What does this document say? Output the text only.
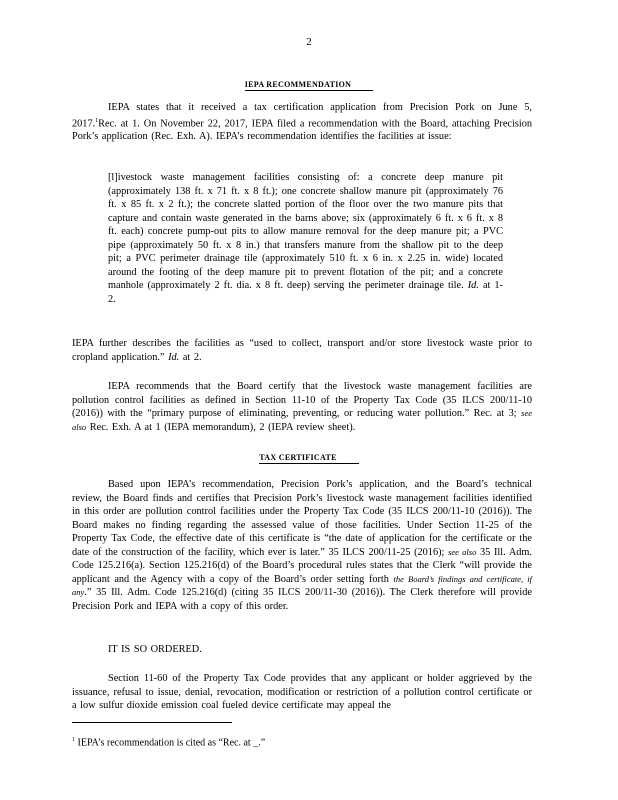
2
IEPA RECOMMENDATION
IEPA states that it received a tax certification application from Precision Pork on June 5, 2017.$^1$Rec. at 1. On November 22, 2017, IEPA filed a recommendation with the Board, attaching Precision Pork’s application (Rec. Exh. A). IEPA’s recommendation identifies the facilities at issue:
[l]ivestock waste management facilities consisting of: a concrete deep manure pit (approximately 138 ft. x 71 ft. x 8 ft.); one concrete shallow manure pit (approximately 76 ft. x 85 ft. x 2 ft.); the concrete slatted portion of the floor over the two manure pits that capture and contain waste generated in the barns above; six (approximately 6 ft. x 6 ft. x 8 ft. each) concrete pump-out pits to allow manure removal for the deep manure pit; a PVC pipe (approximately 50 ft. x 8 in.) that transfers manure from the shallow pit to the deep pit; a PVC perimeter drainage tile (approximately 510 ft. x 6 in. x 2.25 in. wide) located around the footing of the deep manure pit to prevent flotation of the pit; and a concrete manhole (approximately 2 ft. dia. x 8 ft. deep) serving the perimeter drainage tile. Id. at 1-2.
IEPA further describes the facilities as “used to collect, transport and/or store livestock waste prior to cropland application.” Id. at 2.
IEPA recommends that the Board certify that the livestock waste management facilities are pollution control facilities as defined in Section 11-10 of the Property Tax Code (35 ILCS 200/11-10 (2016)) with the “primary purpose of eliminating, preventing, or reducing water pollution.” Rec. at 3; see also Rec. Exh. A at 1 (IEPA memorandum), 2 (IEPA review sheet).
TAX CERTIFICATE
Based upon IEPA’s recommendation, Precision Pork’s application, and the Board’s technical review, the Board finds and certifies that Precision Pork’s livestock waste management facilities identified in this order are pollution control facilities under the Property Tax Code (35 ILCS 200/11-10 (2016)). The Board makes no finding regarding the assessed value of those facilities. Under Section 11-25 of the Property Tax Code, the effective date of this certificate is “the date of application for the certificate or the date of the construction of the facility, which ever is later.” 35 ILCS 200/11-25 (2016); see also 35 Ill. Adm. Code 125.216(a). Section 125.216(d) of the Board’s procedural rules states that the Clerk “will provide the applicant and the Agency with a copy of the Board’s order setting forth the Board’s findings and certificate, if any.” 35 Ill. Adm. Code 125.216(d) (citing 35 ILCS 200/11-30 (2016)). The Clerk therefore will provide Precision Pork and IEPA with a copy of this order.
IT IS SO ORDERED.
Section 11-60 of the Property Tax Code provides that any applicant or holder aggrieved by the issuance, refusal to issue, denial, revocation, modification or restriction of a pollution control certificate or a low sulfur dioxide emission coal fueled device certificate may appeal the
$^1$ IEPA’s recommendation is cited as “Rec. at _.”
